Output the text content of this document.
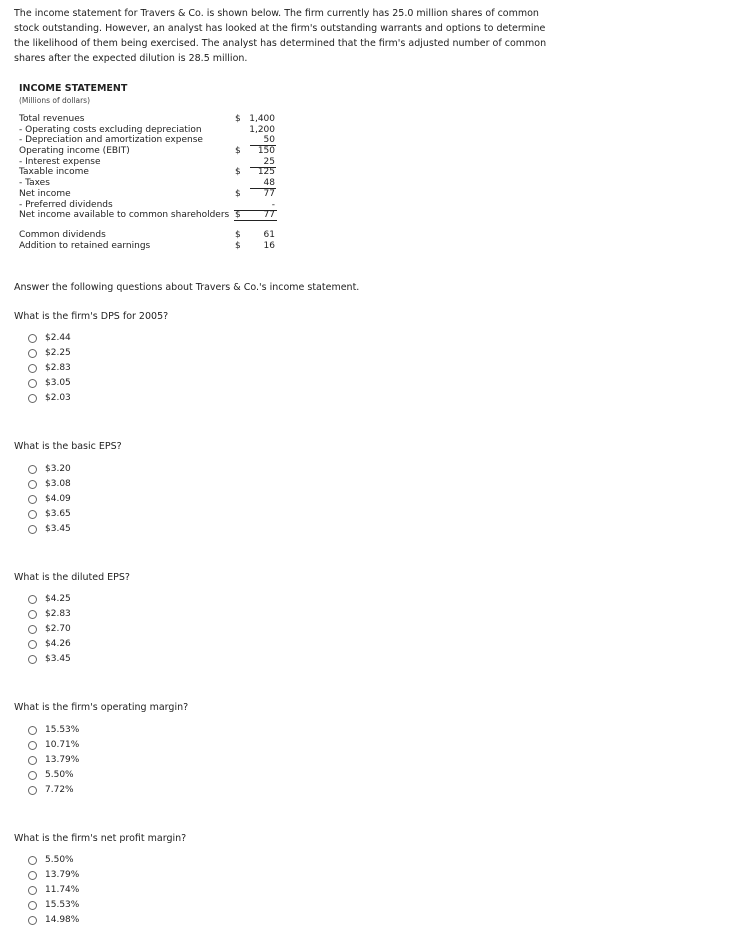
The income statement for Travers & Co. is shown below. The firm currently has 25.0 million shares of common stock outstanding. However, an analyst has looked at the firm's outstanding warrants and options to determine the likelihood of them being exercised. The analyst has determined that the firm's adjusted number of common shares after the expected dilution is 28.5 million.
INCOME STATEMENT
(Millions of dollars)
Total revenues	$ 1,400
- Operating costs excluding depreciation	1,200
- Depreciation and amortization expense	50
Operating income (EBIT)	$ 150
- Interest expense	25
Taxable income	$ 125
- Taxes	48
Net income	$	77
- Preferred dividends	-
Net income available to common shareholders $	77
Common dividends	$	61
Addition to retained earnings	$	16
Answer the following questions about Travers & Co.'s income statement.
What is the firm's DPS for 2005?
$2.44
$2.25
$2.83
$3.05
$2.03
What is the basic EPS?
$3.20
$3.08
$4.09
$3.65
$3.45
What is the diluted EPS?
$4.25
$2.83
$2.70
$4.26
$3.45
What is the firm's operating margin?
15.53%
10.71%
13.79%
5.50%
7.72%
What is the firm's net profit margin?
5.50%
13.79%
11.74%
15.53%
14.98%
